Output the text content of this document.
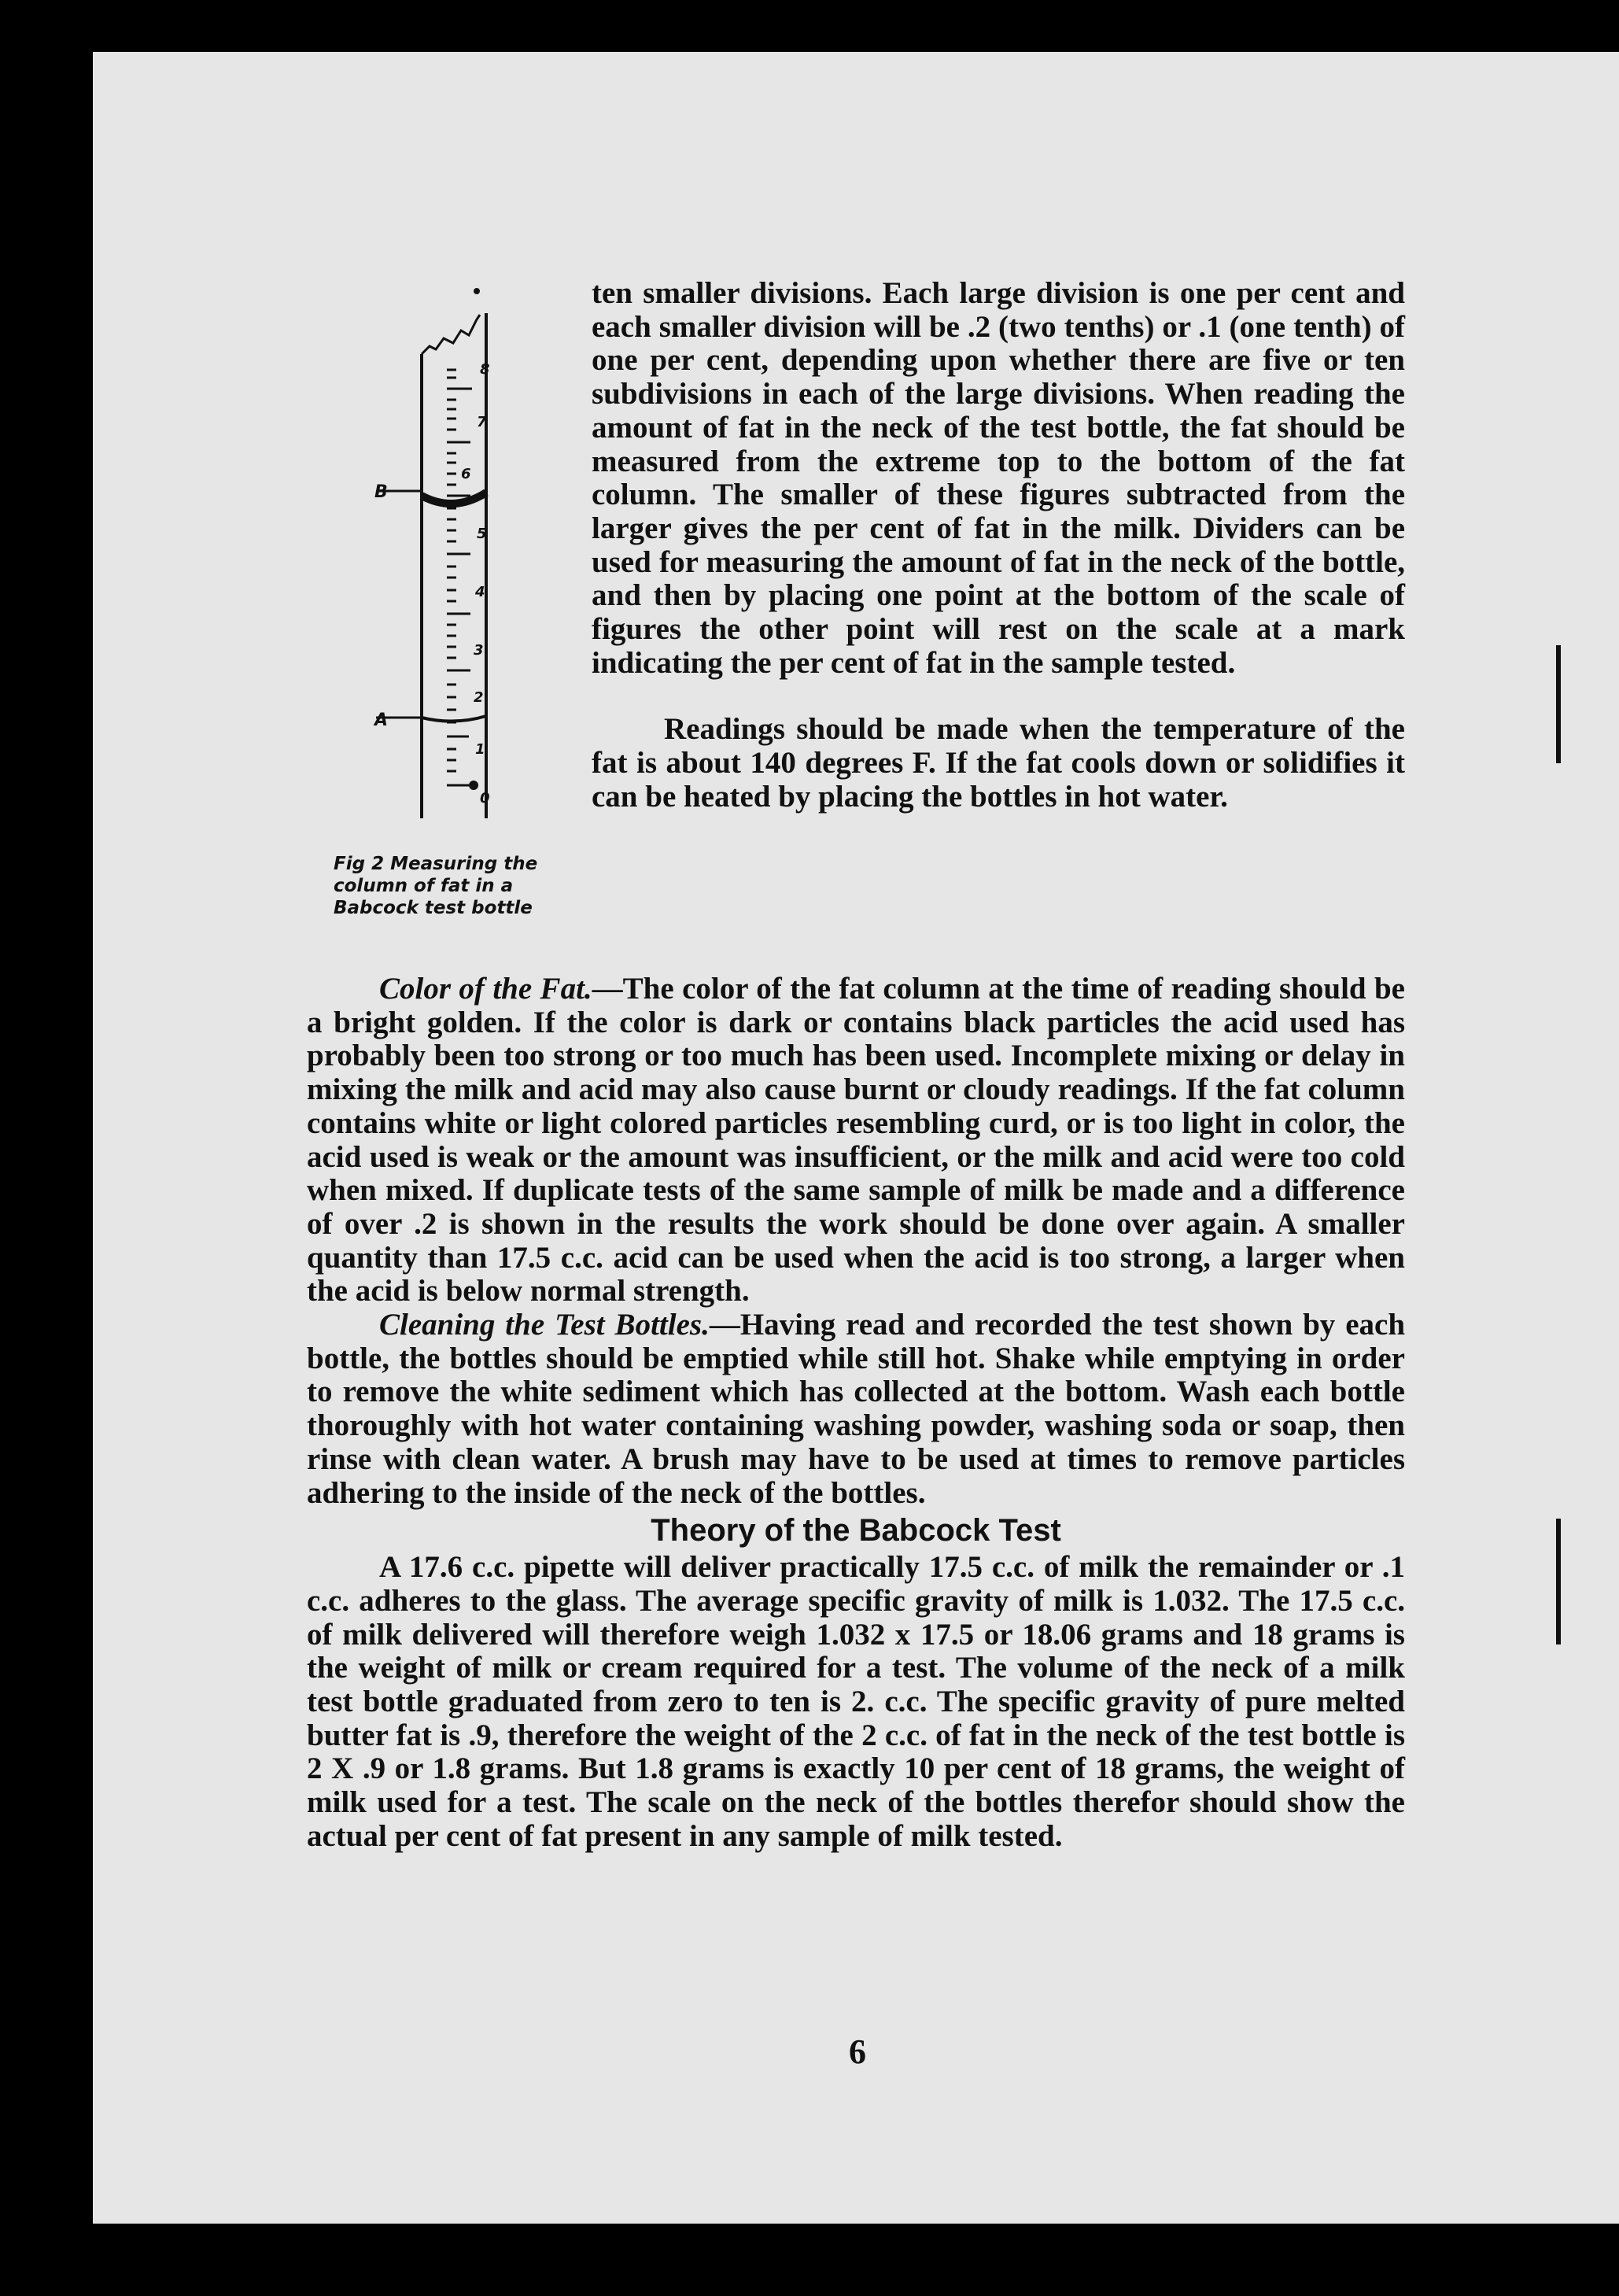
8
7
6
5
4
3
2
1
0
B
A
Fig 2 Measuring the column of fat in a Babcock test bottle

ten smaller divisions. Each large division is one per cent and each smaller division will be .2 (two tenths) or .1 (one tenth) of one per cent, depending upon whether there are five or ten subdivisions in each of the large divisions. When reading the amount of fat in the neck of the test bottle, the fat should be measured from the extreme top to the bottom of the fat column. The smaller of these figures subtracted from the larger gives the per cent of fat in the milk. Dividers can be used for measuring the amount of fat in the neck of the bottle, and then by placing one point at the bottom of the scale of figures the other point will rest on the scale at a mark indicating the per cent of fat in the sample tested.

Readings should be made when the temperature of the fat is about 140 degrees F. If the fat cools down or solidifies it can be heated by placing the bottles in hot water.

Color of the Fat.—The color of the fat column at the time of reading should be a bright golden. If the color is dark or contains black particles the acid used has probably been too strong or too much has been used. Incomplete mixing or delay in mixing the milk and acid may also cause burnt or cloudy readings. If the fat column contains white or light colored particles resembling curd, or is too light in color, the acid used is weak or the amount was insufficient, or the milk and acid were too cold when mixed. If duplicate tests of the same sample of milk be made and a difference of over .2 is shown in the results the work should be done over again. A smaller quantity than 17.5 c.c. acid can be used when the acid is too strong, a larger when the acid is below normal strength.

Cleaning the Test Bottles.—Having read and recorded the test shown by each bottle, the bottles should be emptied while still hot. Shake while emptying in order to remove the white sediment which has collected at the bottom. Wash each bottle thoroughly with hot water containing washing powder, washing soda or soap, then rinse with clean water. A brush may have to be used at times to remove particles adhering to the inside of the neck of the bottles.

Theory of the Babcock Test

A 17.6 c.c. pipette will deliver practically 17.5 c.c. of milk the remainder or .1 c.c. adheres to the glass. The average specific gravity of milk is 1.032. The 17.5 c.c. of milk delivered will therefore weigh 1.032 x 17.5 or 18.06 grams and 18 grams is the weight of milk or cream required for a test. The volume of the neck of a milk test bottle graduated from zero to ten is 2. c.c. The specific gravity of pure melted butter fat is .9, therefore the weight of the 2 c.c. of fat in the neck of the test bottle is 2 X .9 or 1.8 grams. But 1.8 grams is exactly 10 per cent of 18 grams, the weight of milk used for a test. The scale on the neck of the bottles therefor should show the actual per cent of fat present in any sample of milk tested.

6
